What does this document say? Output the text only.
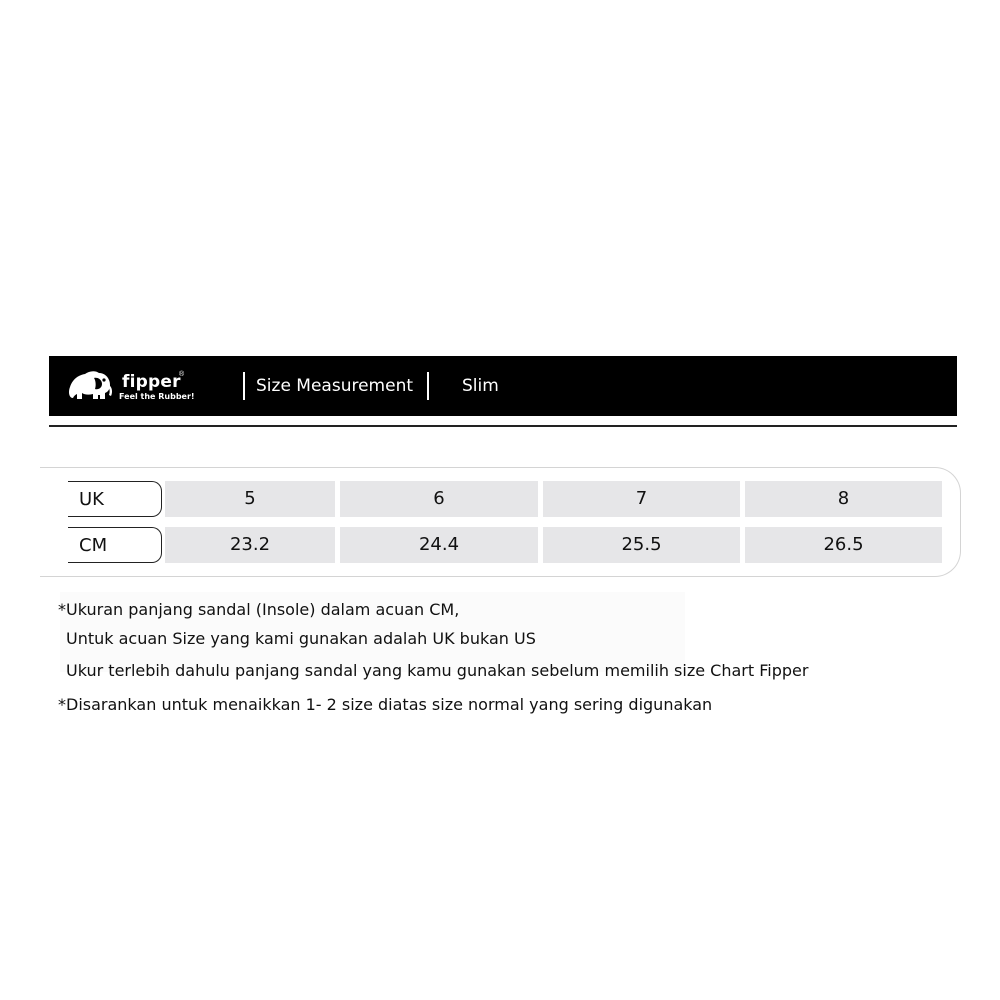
fipper
®
Feel the Rubber!
Size Measurement	Slim
UK	5	6	7	8
CM	23.2	24.4	25.5	26.5
*Ukuran panjang sandal (Insole) dalam acuan CM,
Untuk acuan Size yang kami gunakan adalah UK bukan US
Ukur terlebih dahulu panjang sandal yang kamu gunakan sebelum memilih size Chart Fipper
*Disarankan untuk menaikkan 1- 2 size diatas size normal yang sering digunakan
